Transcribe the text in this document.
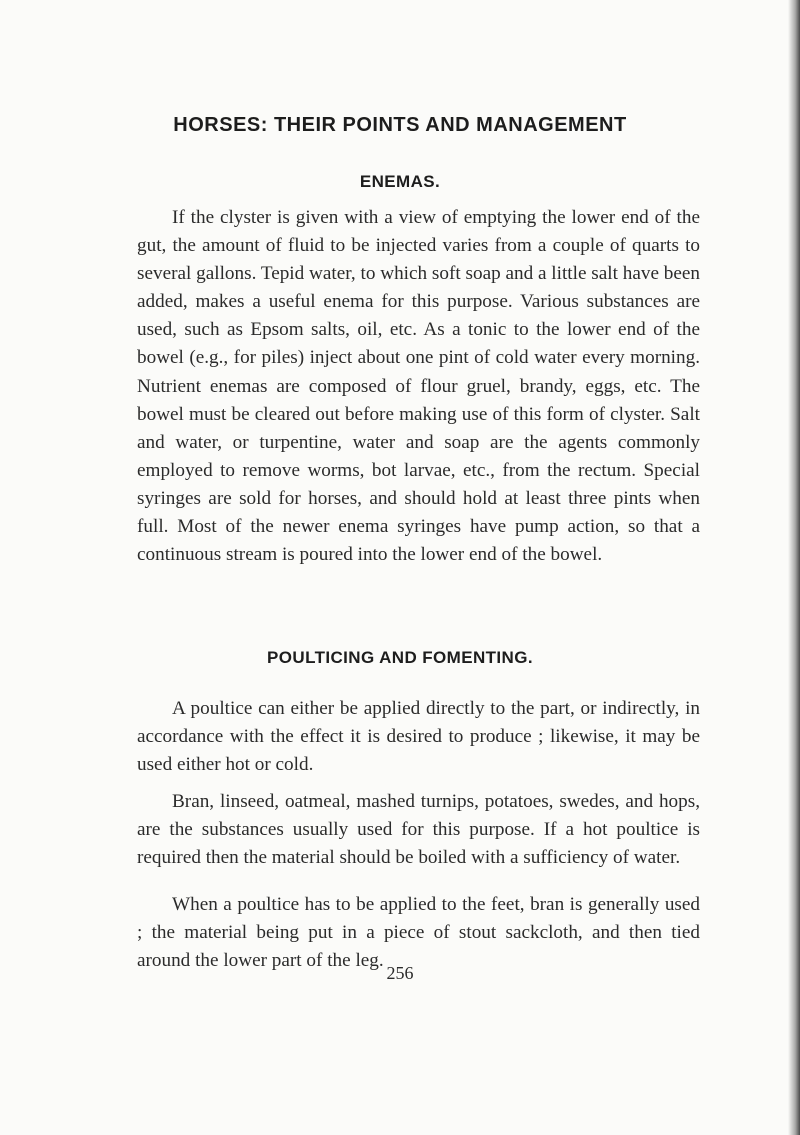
HORSES: THEIR POINTS AND MANAGEMENT
ENEMAS.

If the clyster is given with a view of emptying the lower end of the gut, the amount of fluid to be injected varies from a couple of quarts to several gallons. Tepid water, to which soft soap and a little salt have been added, makes a useful enema for this purpose. Various substances are used, such as Epsom salts, oil, etc. As a tonic to the lower end of the bowel (e.g., for piles) inject about one pint of cold water every morning. Nutrient enemas are composed of flour gruel, brandy, eggs, etc. The bowel must be cleared out before making use of this form of clyster. Salt and water, or turpentine, water and soap are the agents commonly employed to remove worms, bot larvae, etc., from the rectum. Special syringes are sold for horses, and should hold at least three pints when full. Most of the newer enema syringes have pump action, so that a continuous stream is poured into the lower end of the bowel.

POULTICING AND FOMENTING.

A poultice can either be applied directly to the part, or indirectly, in accordance with the effect it is desired to produce ; likewise, it may be used either hot or cold.

Bran, linseed, oatmeal, mashed turnips, potatoes, swedes, and hops, are the substances usually used for this purpose. If a hot poultice is required then the material should be boiled with a sufficiency of water.

When a poultice has to be applied to the feet, bran is generally used ; the material being put in a piece of stout sackcloth, and then tied around the lower part of the leg.

256
